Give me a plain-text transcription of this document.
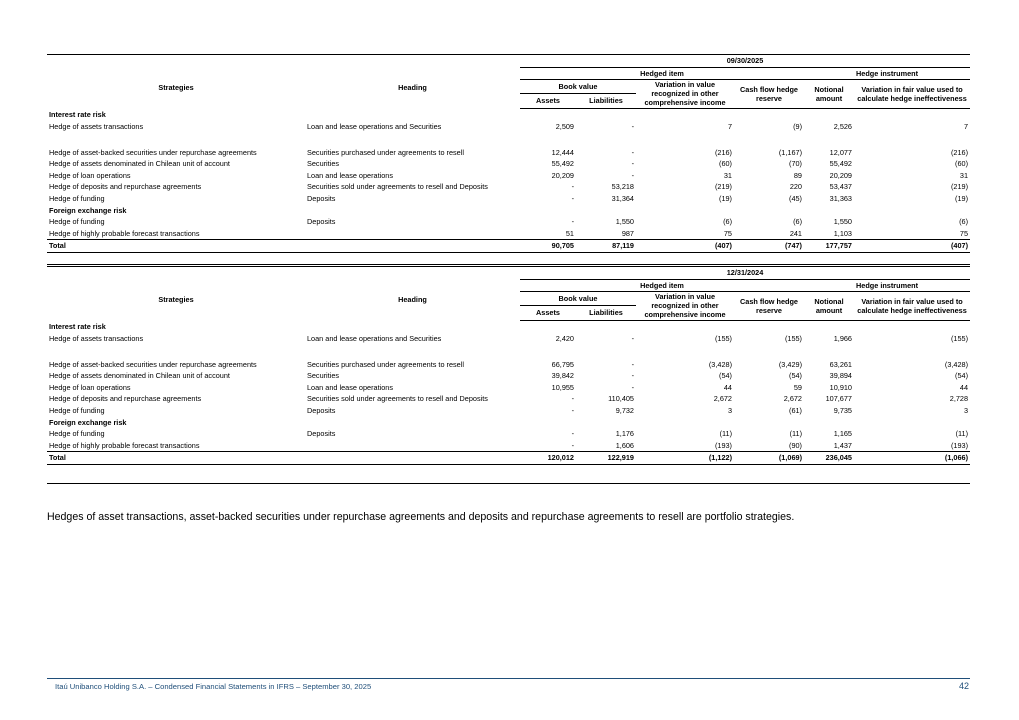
		09/30/2025					
Strategies	Heading	Hedged item				Hedge instrument	
		Book value		Variation in value recognized in other comprehensive income	Cash flow hedge reserve	Notional amount	Variation in fair value used to calculate hedge ineffectiveness
		Assets	Liabilities				

Interest rate risk							
Hedge of assets transactions	Loan and lease operations and Securities	2,509	-	7	(9)	2,526	7

Hedge of asset-backed securities under repurchase agreements	Securities purchased under agreements to resell	12,444	-	(216)	(1,167)	12,077	(216)
Hedge of assets denominated in Chilean unit of account	Securities	55,492	-	(60)	(70)	55,492	(60)
Hedge of loan operations	Loan and lease operations	20,209	-	31	89	20,209	31
Hedge of deposits and repurchase agreements	Securities sold under agreements to resell and Deposits	-	53,218	(219)	220	53,437	(219)
Hedge of funding	Deposits	-	31,364	(19)	(45)	31,363	(19)
Foreign exchange risk							
Hedge of funding	Deposits	-	1,550	(6)	(6)	1,550	(6)
Hedge of highly probable forecast transactions		51	987	75	241	1,103	75
Total		90,705	87,119	(407)	(747)	177,757	(407)
		12/31/2024					
Strategies	Heading	Hedged item				Hedge instrument	
		Book value		Variation in value recognized in other comprehensive income	Cash flow hedge reserve	Notional amount	Variation in fair value used to calculate hedge ineffectiveness
		Assets	Liabilities				

Interest rate risk							
Hedge of assets transactions	Loan and lease operations and Securities	2,420	-	(155)	(155)	1,966	(155)

Hedge of asset-backed securities under repurchase agreements	Securities purchased under agreements to resell	66,795	-	(3,428)	(3,429)	63,261	(3,428)
Hedge of assets denominated in Chilean unit of account	Securities	39,842	-	(54)	(54)	39,894	(54)
Hedge of loan operations	Loan and lease operations	10,955	-	44	59	10,910	44
Hedge of deposits and repurchase agreements	Securities sold under agreements to resell and Deposits	-	110,405	2,672	2,672	107,677	2,728
Hedge of funding	Deposits	-	9,732	3	(61)	9,735	3
Foreign exchange risk							
Hedge of funding	Deposits	-	1,176	(11)	(11)	1,165	(11)
Hedge of highly probable forecast transactions		-	1,606	(193)	(90)	1,437	(193)
Total		120,012	122,919	(1,122)	(1,069)	236,045	(1,066)
Hedges of asset transactions, asset-backed securities under repurchase agreements and deposits and repurchase agreements to resell are portfolio strategies.
Itaú Unibanco Holding S.A. – Condensed Financial Statements in IFRS – September 30, 2025	42
